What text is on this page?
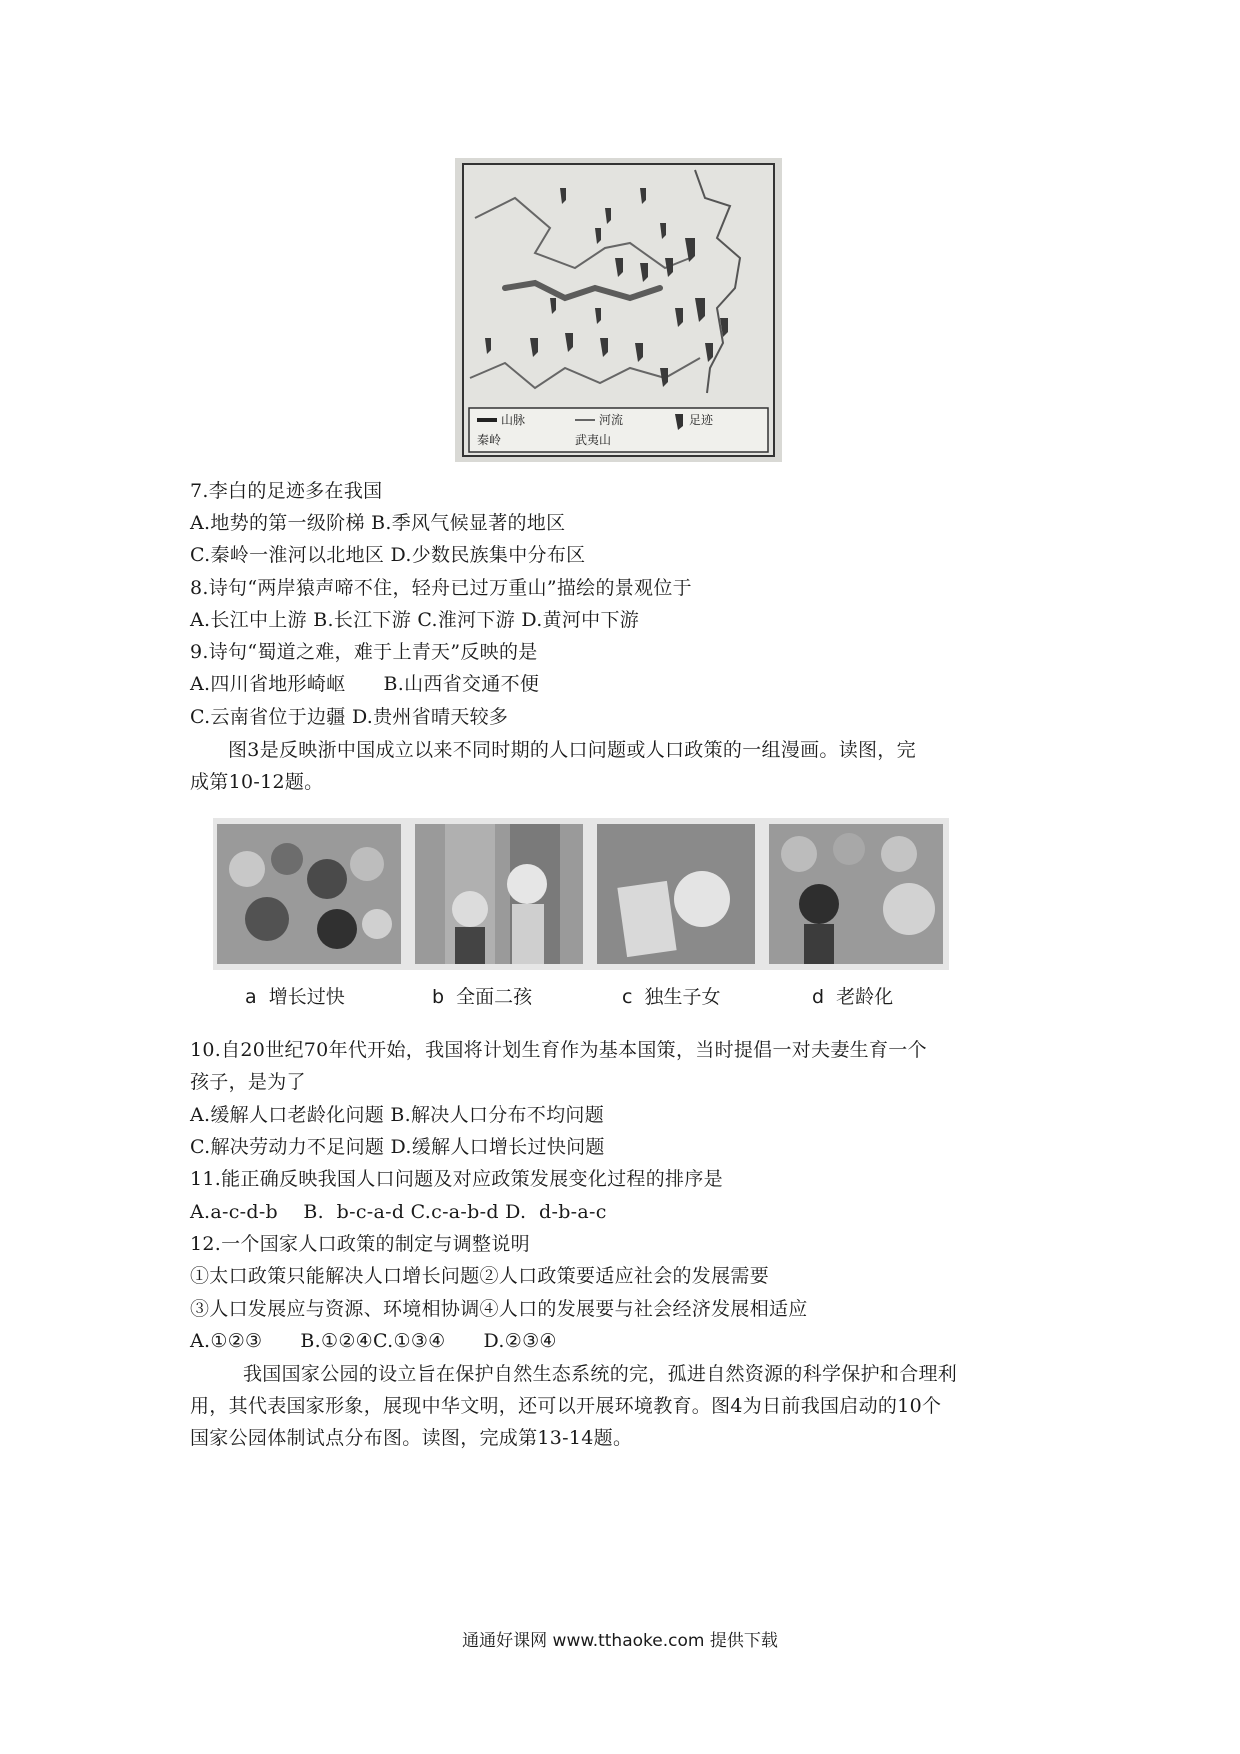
山脉	河流	足迹
秦岭	武夷山
7.李白的足迹多在我国
A.地势的第一级阶梯 B.季风气候显著的地区
C.秦岭一淮河以北地区 D.少数民族集中分布区
8.诗句“两岸猿声啼不住，轻舟已过万重山”描绘的景观位于
A.长江中上游 B.长江下游 C.淮河下游 D.黄河中下游
9.诗句“蜀道之难，难于上青天”反映的是
A.四川省地形崎岖      B.山西省交通不便
C.云南省位于边疆 D.贵州省晴天较多
图3是反映浙中国成立以来不同时期的人口问题或人口政策的一组漫画。读图，完
成第10-12题。
a  增长过快	b  全面二孩	c  独生子女	d  老龄化
10.自20世纪70年代开始，我国将计划生育作为基本国策，当时提倡一对夫妻生育一个
孩子，是为了
A.缓解人口老龄化问题 B.解决人口分布不均问题
C.解决劳动力不足问题 D.缓解人口增长过快问题
11.能正确反映我国人口问题及对应政策发展变化过程的排序是
A.a-c-d-b    B.  b-c-a-d C.c-a-b-d D.  d-b-a-c
12.一个国家人口政策的制定与调整说明
①太口政策只能解决人口增长问题②人口政策要适应社会的发展需要
③人口发展应与资源、环境相协调④人口的发展要与社会经济发展相适应
A.①②③      B.①②④C.①③④      D.②③④
我国国家公园的设立旨在保护自然生态系统的完，孤进自然资源的科学保护和合理利
用，其代表国家形象，展现中华文明，还可以开展环境教育。图4为日前我国启动的10个
国家公园体制试点分布图。读图，完成第13-14题。
通通好课网 www.tthaoke.com 提供下载
